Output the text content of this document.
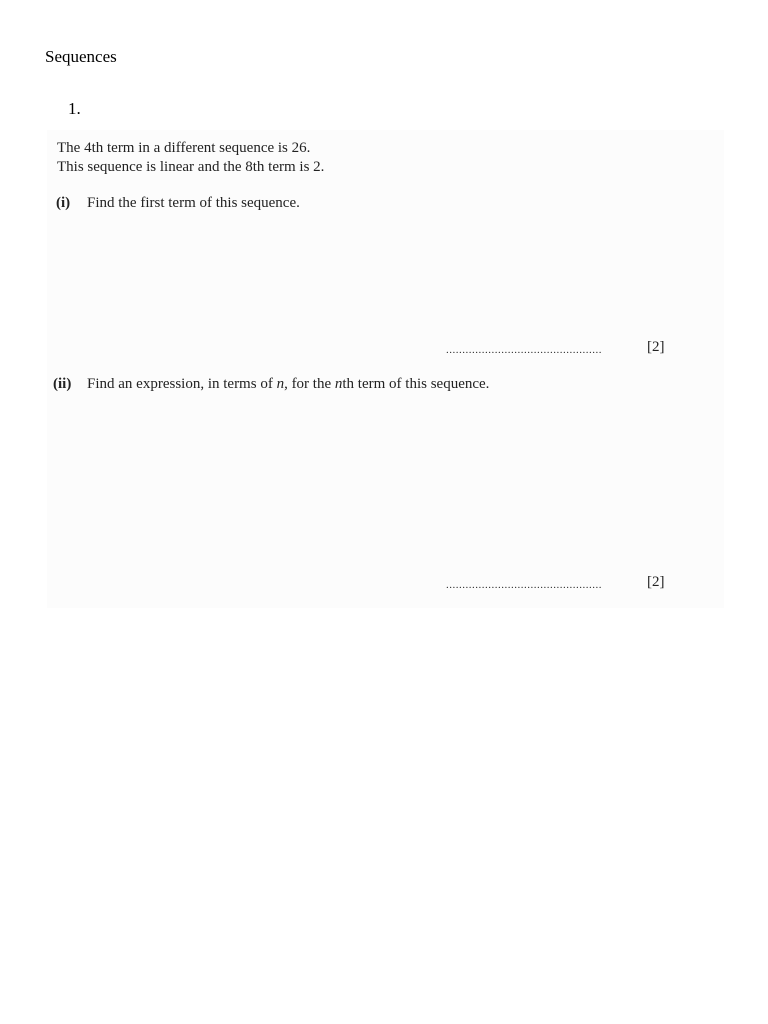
Sequences
1.
The 4th term in a different sequence is 26.
This sequence is linear and the 8th term is 2.
(i) Find the first term of this sequence.
................................................	[2]
(ii) Find an expression, in terms of n, for the nth term of this sequence.
................................................	[2]
